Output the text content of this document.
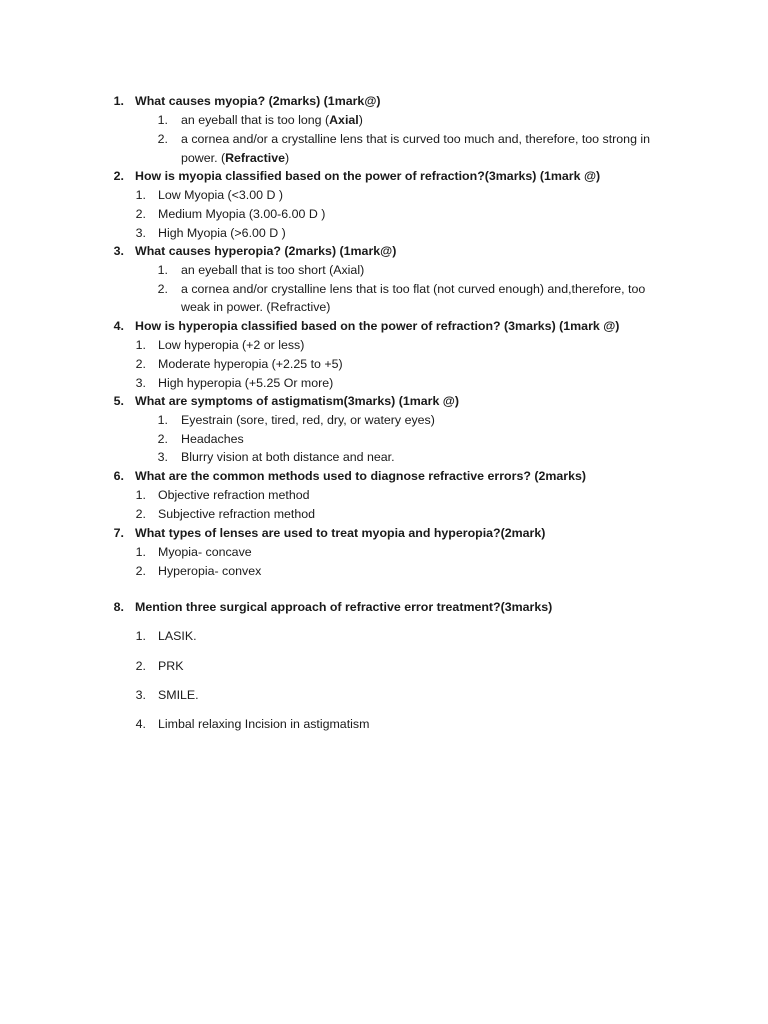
1. What causes myopia? (2marks) (1mark@)
1. an eyeball that is too long (Axial)
2. a cornea and/or a crystalline lens that is curved too much and, therefore, too strong in
power. (Refractive)
2. How is myopia classified based on the power of refraction?(3marks) (1mark @)
1. Low Myopia (<3.00 D )
2. Medium Myopia (3.00-6.00 D )
3. High Myopia (>6.00 D )
3. What causes hyperopia? (2marks) (1mark@)
1. an eyeball that is too short (Axial)
2. a cornea and/or crystalline lens that is too flat (not curved enough) and,therefore, too
weak in power. (Refractive)
4. How is hyperopia classified based on the power of refraction? (3marks) (1mark @)
1. Low hyperopia (+2 or less)
2. Moderate hyperopia (+2.25 to +5)
3. High hyperopia (+5.25 Or more)
5. What are symptoms of astigmatism(3marks) (1mark @)
1. Eyestrain (sore, tired, red, dry, or watery eyes)
2. Headaches
3. Blurry vision at both distance and near.
6. What are the common methods used to diagnose refractive errors? (2marks)
1. Objective refraction method
2. Subjective refraction method
7. What types of lenses are used to treat myopia and hyperopia?(2mark)
1. Myopia- concave
2. Hyperopia- convex
8. Mention three surgical approach of refractive error treatment?(3marks)
1. LASIK.
2. PRK
3. SMILE.
4. Limbal relaxing Incision in astigmatism
